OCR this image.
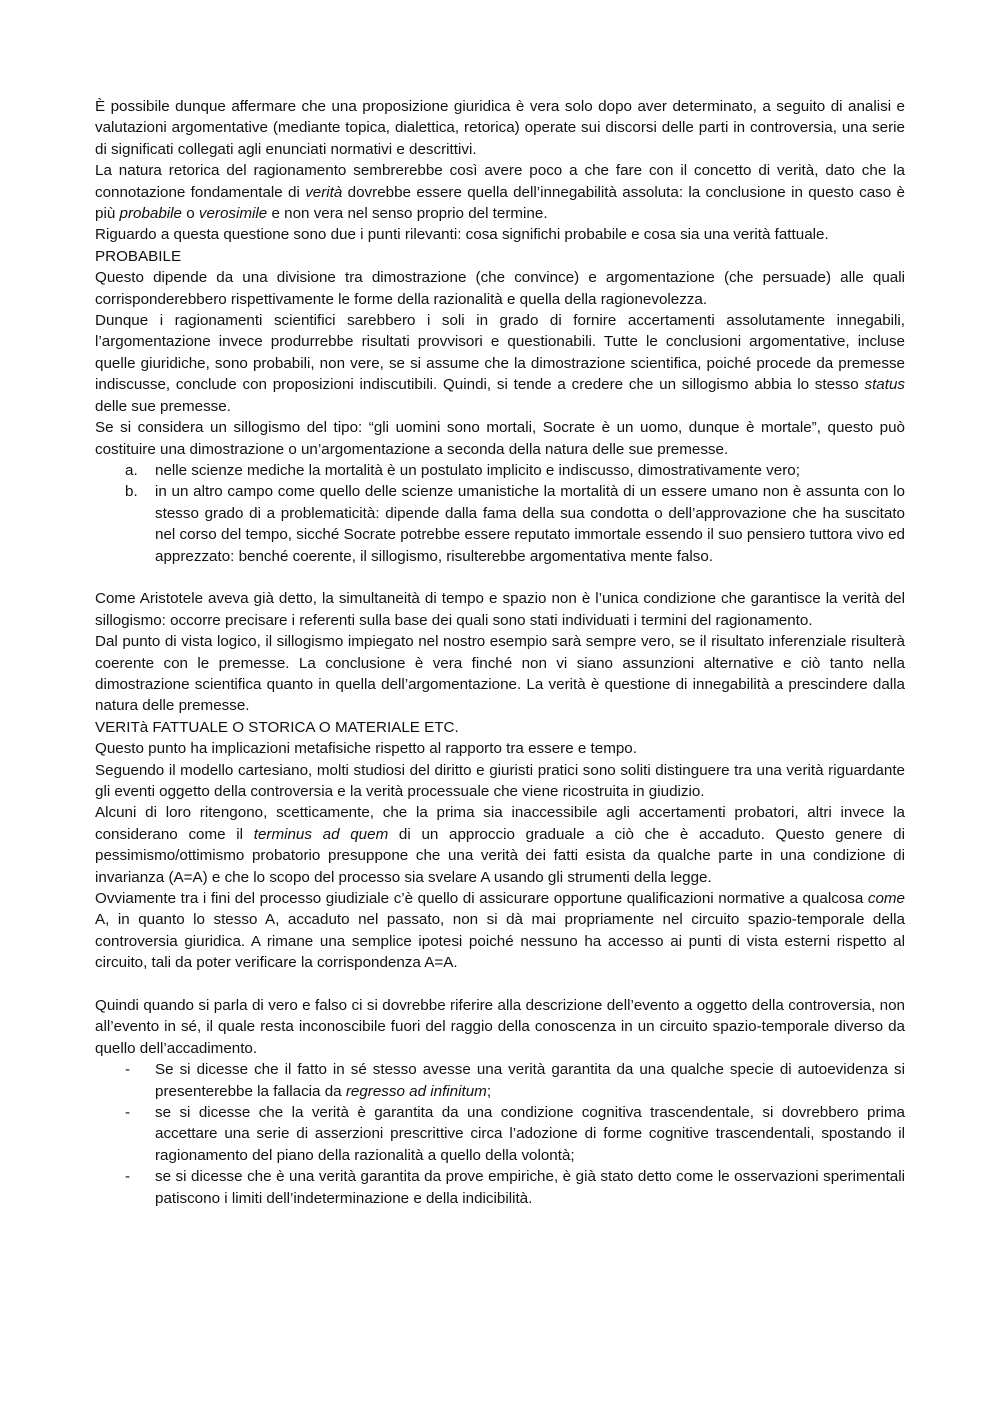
È possibile dunque affermare che una proposizione giuridica è vera solo dopo aver determinato, a seguito di analisi e valutazioni argomentative (mediante topica, dialettica, retorica) operate sui discorsi delle parti in controversia, una serie di significati collegati agli enunciati normativi e descrittivi.

La natura retorica del ragionamento sembrerebbe così avere poco a che fare con il concetto di verità, dato che la connotazione fondamentale di verità dovrebbe essere quella dell’innegabilità assoluta: la conclusione in questo caso è più probabile o verosimile e non vera nel senso proprio del termine.

Riguardo a questa questione sono due i punti rilevanti: cosa significhi probabile e cosa sia una verità fattuale.

PROBABILE

Questo dipende da una divisione tra dimostrazione (che convince) e argomentazione (che persuade) alle quali corrisponderebbero rispettivamente le forme della razionalità e quella della ragionevolezza.

Dunque i ragionamenti scientifici sarebbero i soli in grado di fornire accertamenti assolutamente innegabili, l’argomentazione invece produrrebbe risultati provvisori e questionabili. Tutte le conclusioni argomentative, incluse quelle giuridiche, sono probabili, non vere, se si assume che la dimostrazione scientifica, poiché procede da premesse indiscusse, conclude con proposizioni indiscutibili. Quindi, si tende a credere che un sillogismo abbia lo stesso status delle sue premesse.

Se si considera un sillogismo del tipo: “gli uomini sono mortali, Socrate è un uomo, dunque è mortale”, questo può costituire una dimostrazione o un’argomentazione a seconda della natura delle sue premesse.

a.	nelle scienze mediche la mortalità è un postulato implicito e indiscusso, dimostrativamente vero;
b.	in un altro campo come quello delle scienze umanistiche la mortalità di un essere umano non è assunta con lo stesso grado di a problematicità: dipende dalla fama della sua condotta o dell’approvazione che ha suscitato nel corso del tempo, sicché Socrate potrebbe essere reputato immortale essendo il suo pensiero tuttora vivo ed apprezzato: benché coerente, il sillogismo, risulterebbe argomentativa mente falso.

Come Aristotele aveva già detto, la simultaneità di tempo e spazio non è l’unica condizione che garantisce la verità del sillogismo: occorre precisare i referenti sulla base dei quali sono stati individuati i termini del ragionamento.

Dal punto di vista logico, il sillogismo impiegato nel nostro esempio sarà sempre vero, se il risultato inferenziale risulterà coerente con le premesse. La conclusione è vera finché non vi siano assunzioni alternative e ciò tanto nella dimostrazione scientifica quanto in quella dell’argomentazione. La verità è questione di innegabilità a prescindere dalla natura delle premesse.

VERITà FATTUALE O STORICA O MATERIALE ETC.

Questo punto ha implicazioni metafisiche rispetto al rapporto tra essere e tempo.

Seguendo il modello cartesiano, molti studiosi del diritto e giuristi pratici sono soliti distinguere tra una verità riguardante gli eventi oggetto della controversia e la verità processuale che viene ricostruita in giudizio.

Alcuni di loro ritengono, scetticamente, che la prima sia inaccessibile agli accertamenti probatori, altri invece la considerano come il terminus ad quem di un approccio graduale a ciò che è accaduto. Questo genere di pessimismo/ottimismo probatorio presuppone che una verità dei fatti esista da qualche parte in una condizione di invarianza (A=A) e che lo scopo del processo sia svelare A usando gli strumenti della legge.

Ovviamente tra i fini del processo giudiziale c’è quello di assicurare opportune qualificazioni normative a qualcosa come A, in quanto lo stesso A, accaduto nel passato, non si dà mai propriamente nel circuito spazio-temporale della controversia giuridica. A rimane una semplice ipotesi poiché nessuno ha accesso ai punti di vista esterni rispetto al circuito, tali da poter verificare la corrispondenza A=A.

Quindi quando si parla di vero e falso ci si dovrebbe riferire alla descrizione dell’evento a oggetto della controversia, non all’evento in sé, il quale resta inconoscibile fuori del raggio della conoscenza in un circuito spazio-temporale diverso da quello dell’accadimento.

-	Se si dicesse che il fatto in sé stesso avesse una verità garantita da una qualche specie di autoevidenza si presenterebbe la fallacia da regresso ad infinitum;
-	se si dicesse che la verità è garantita da una condizione cognitiva trascendentale, si dovrebbero prima accettare una serie di asserzioni prescrittive circa l’adozione di forme cognitive trascendentali, spostando il ragionamento del piano della razionalità a quello della volontà;
-	se si dicesse che è una verità garantita da prove empiriche, è già stato detto come le osservazioni sperimentali patiscono i limiti dell’indeterminazione e della indicibilità.
